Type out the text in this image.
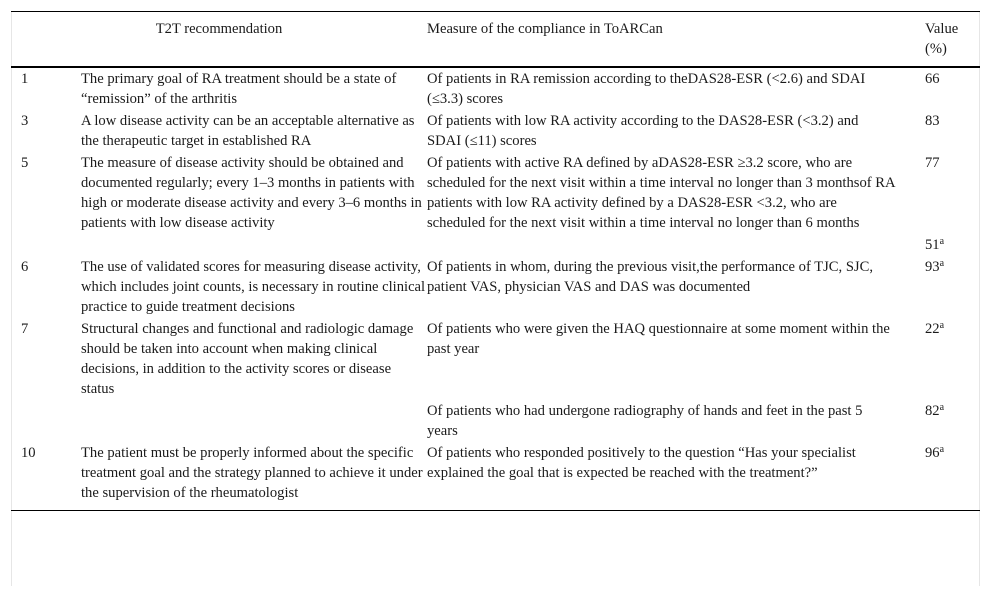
	T2T recommendation	Measure of the compliance in ToARCan	Value (%)
1	The primary goal of RA treatment should be a state of “remission” of the arthritis	Of patients in RA remission according to theDAS28-ESR (<2.6) and SDAI (≤3.3) scores	66
3	A low disease activity can be an acceptable alternative as the therapeutic target in established RA	Of patients with low RA activity according to the DAS28-ESR (<3.2) and SDAI (≤11) scores	83
5	The measure of disease activity should be obtained and documented regularly; every 1–3 months in patients with high or moderate disease activity and every 3–6 months in patients with low disease activity	Of patients with active RA defined by aDAS28-ESR ≥3.2 score, who are scheduled for the next visit within a time interval no longer than 3 monthsof RA patients with low RA activity defined by a DAS28-ESR <3.2, who are scheduled for the next visit within a time interval no longer than 6 months	77
			51$^a$
6	The use of validated scores for measuring disease activity, which includes joint counts, is necessary in routine clinical practice to guide treatment decisions	Of patients in whom, during the previous visit,the performance of TJC, SJC, patient VAS, physician VAS and DAS was documented	93$^a$
7	Structural changes and functional and radiologic damage should be taken into account when making clinical decisions, in addition to the activity scores or disease status	Of patients who were given the HAQ questionnaire at some moment within the past year	22$^a$
		Of patients who had undergone radiography of hands and feet in the past 5 years	82$^a$
10	The patient must be properly informed about the specific treatment goal and the strategy planned to achieve it under the supervision of the rheumatologist	Of patients who responded positively to the question “Has your specialist explained the goal that is expected be reached with the treatment?”	96$^a$
